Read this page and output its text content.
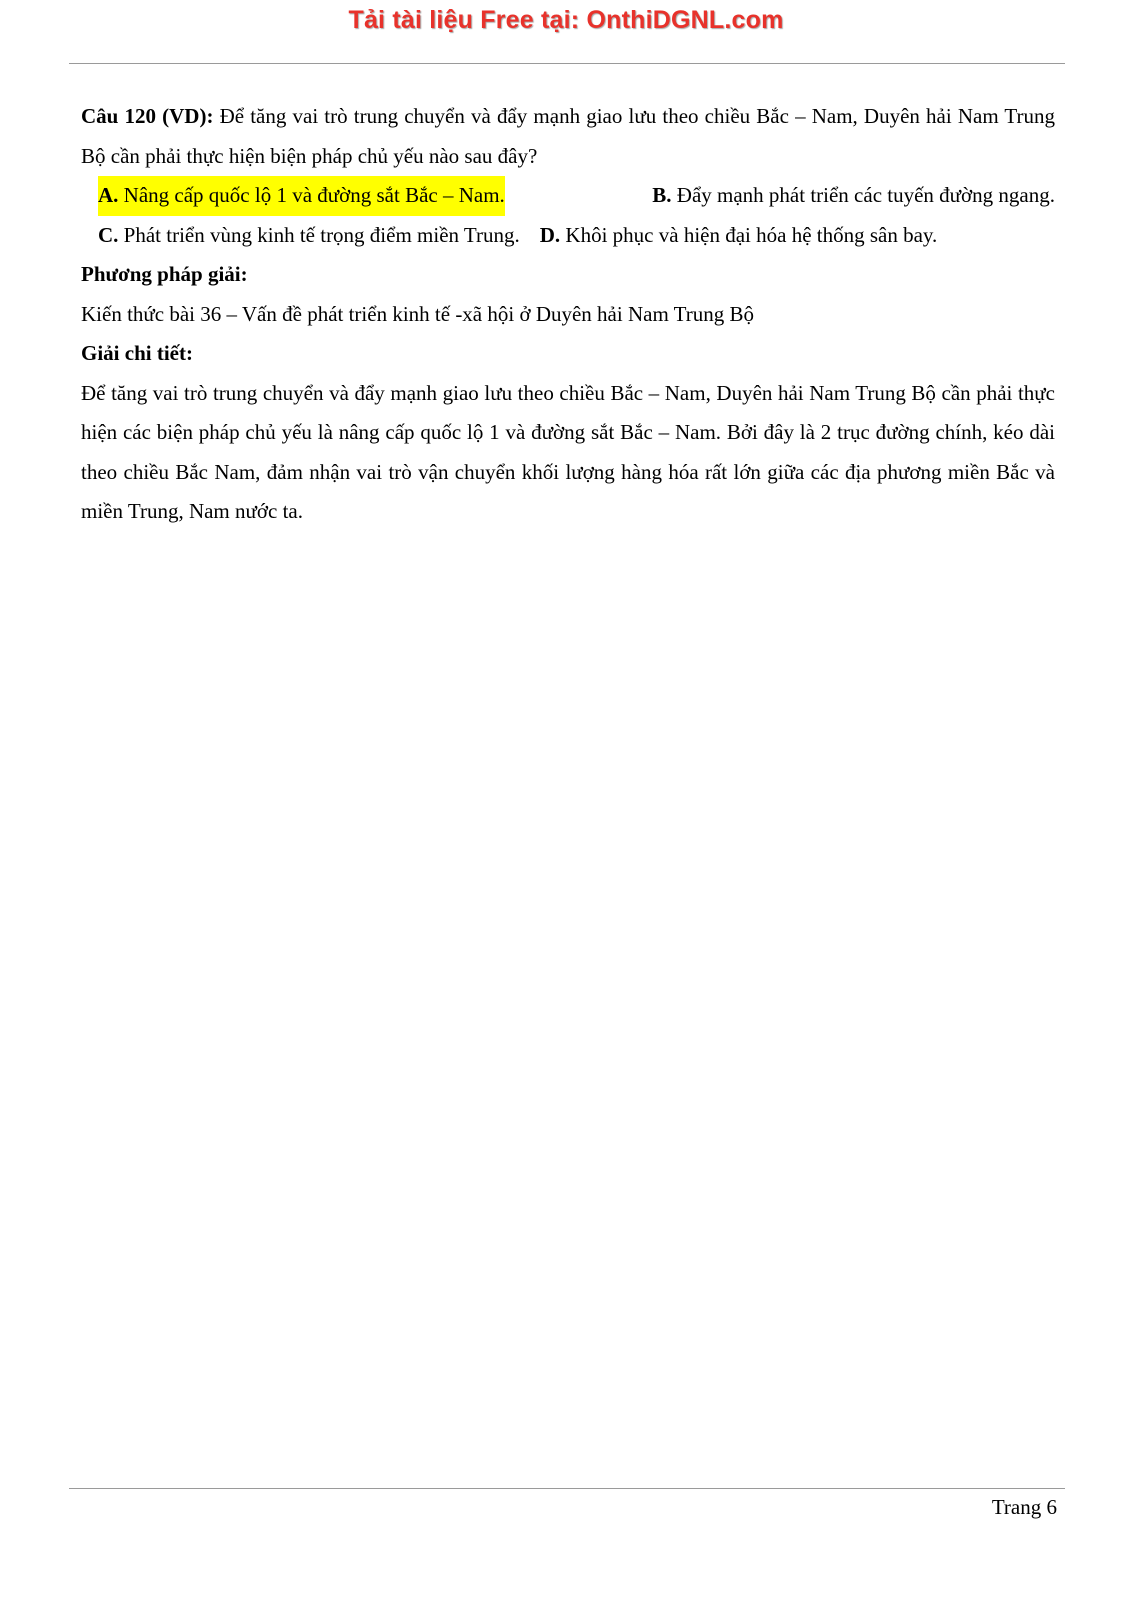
Tải tài liệu Free tại: OnthiDGNL.com

Câu 120 (VD): Để tăng vai trò trung chuyển và đẩy mạnh giao lưu theo chiều Bắc – Nam, Duyên hải Nam Trung Bộ cần phải thực hiện biện pháp chủ yếu nào sau đây?

A. Nâng cấp quốc lộ 1 và đường sắt Bắc – Nam.	B. Đẩy mạnh phát triển các tuyến đường ngang.
C. Phát triển vùng kinh tế trọng điểm miền Trung. D. Khôi phục và hiện đại hóa hệ thống sân bay.

Phương pháp giải:

Kiến thức bài 36 – Vấn đề phát triển kinh tế -xã hội ở Duyên hải Nam Trung Bộ

Giải chi tiết:

Để tăng vai trò trung chuyển và đẩy mạnh giao lưu theo chiều Bắc – Nam, Duyên hải Nam Trung Bộ cần phải thực hiện các biện pháp chủ yếu là nâng cấp quốc lộ 1 và đường sắt Bắc – Nam. Bởi đây là 2 trục đường chính, kéo dài theo chiều Bắc Nam, đảm nhận vai trò vận chuyển khối lượng hàng hóa rất lớn giữa các địa phương miền Bắc và miền Trung, Nam nước ta.

Trang 6
